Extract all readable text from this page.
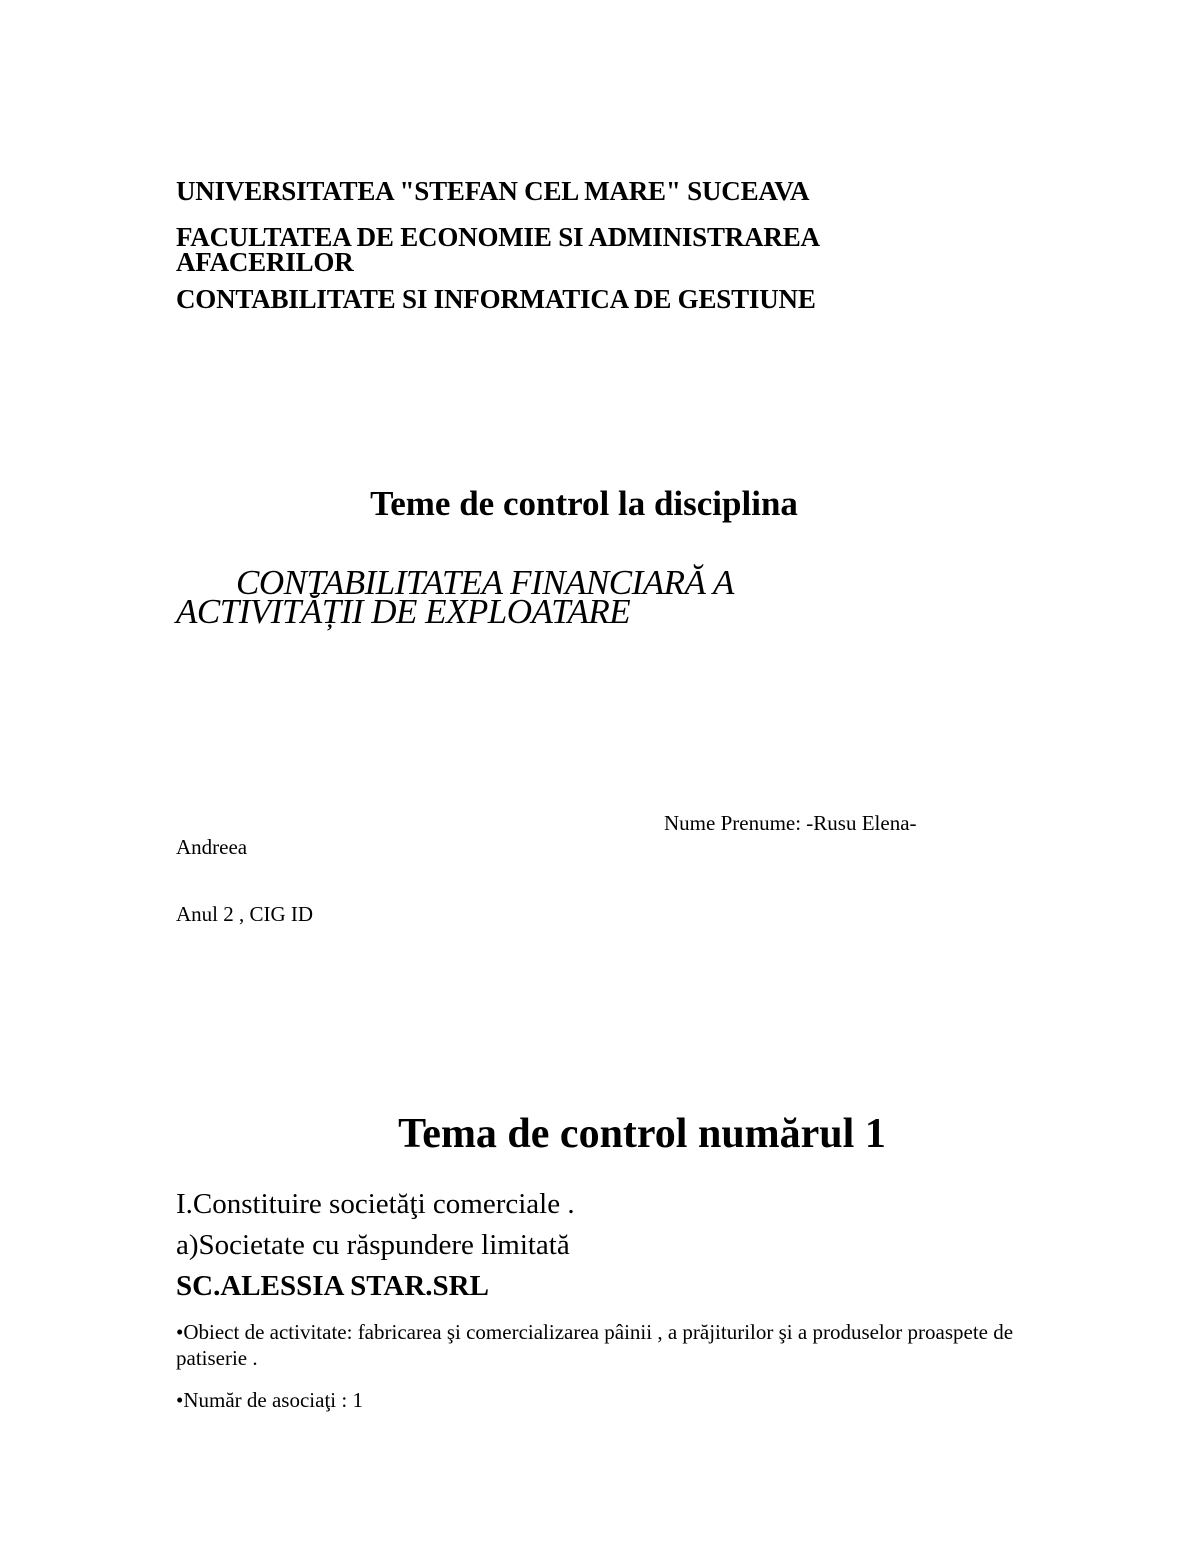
UNIVERSITATEA "STEFAN CEL MARE" SUCEAVA

FACULTATEA DE ECONOMIE SI ADMINISTRAREA AFACERILOR

CONTABILITATE SI INFORMATICA DE GESTIUNE

Teme de control la disciplina

CONTABILITATEA FINANCIARĂ A

ACTIVITĂȚII DE EXPLOATARE

Nume Prenume: -Rusu Elena-

Andreea

Anul 2 , CIG ID

Tema de control numărul 1

I.Constituire societăţi comerciale .

a)Societate cu răspundere limitată

SC.ALESSIA STAR.SRL

•Obiect de activitate: fabricarea şi comercializarea pâinii , a prăjiturilor şi a produselor proaspete de patiserie .

•Număr de asociaţi : 1
